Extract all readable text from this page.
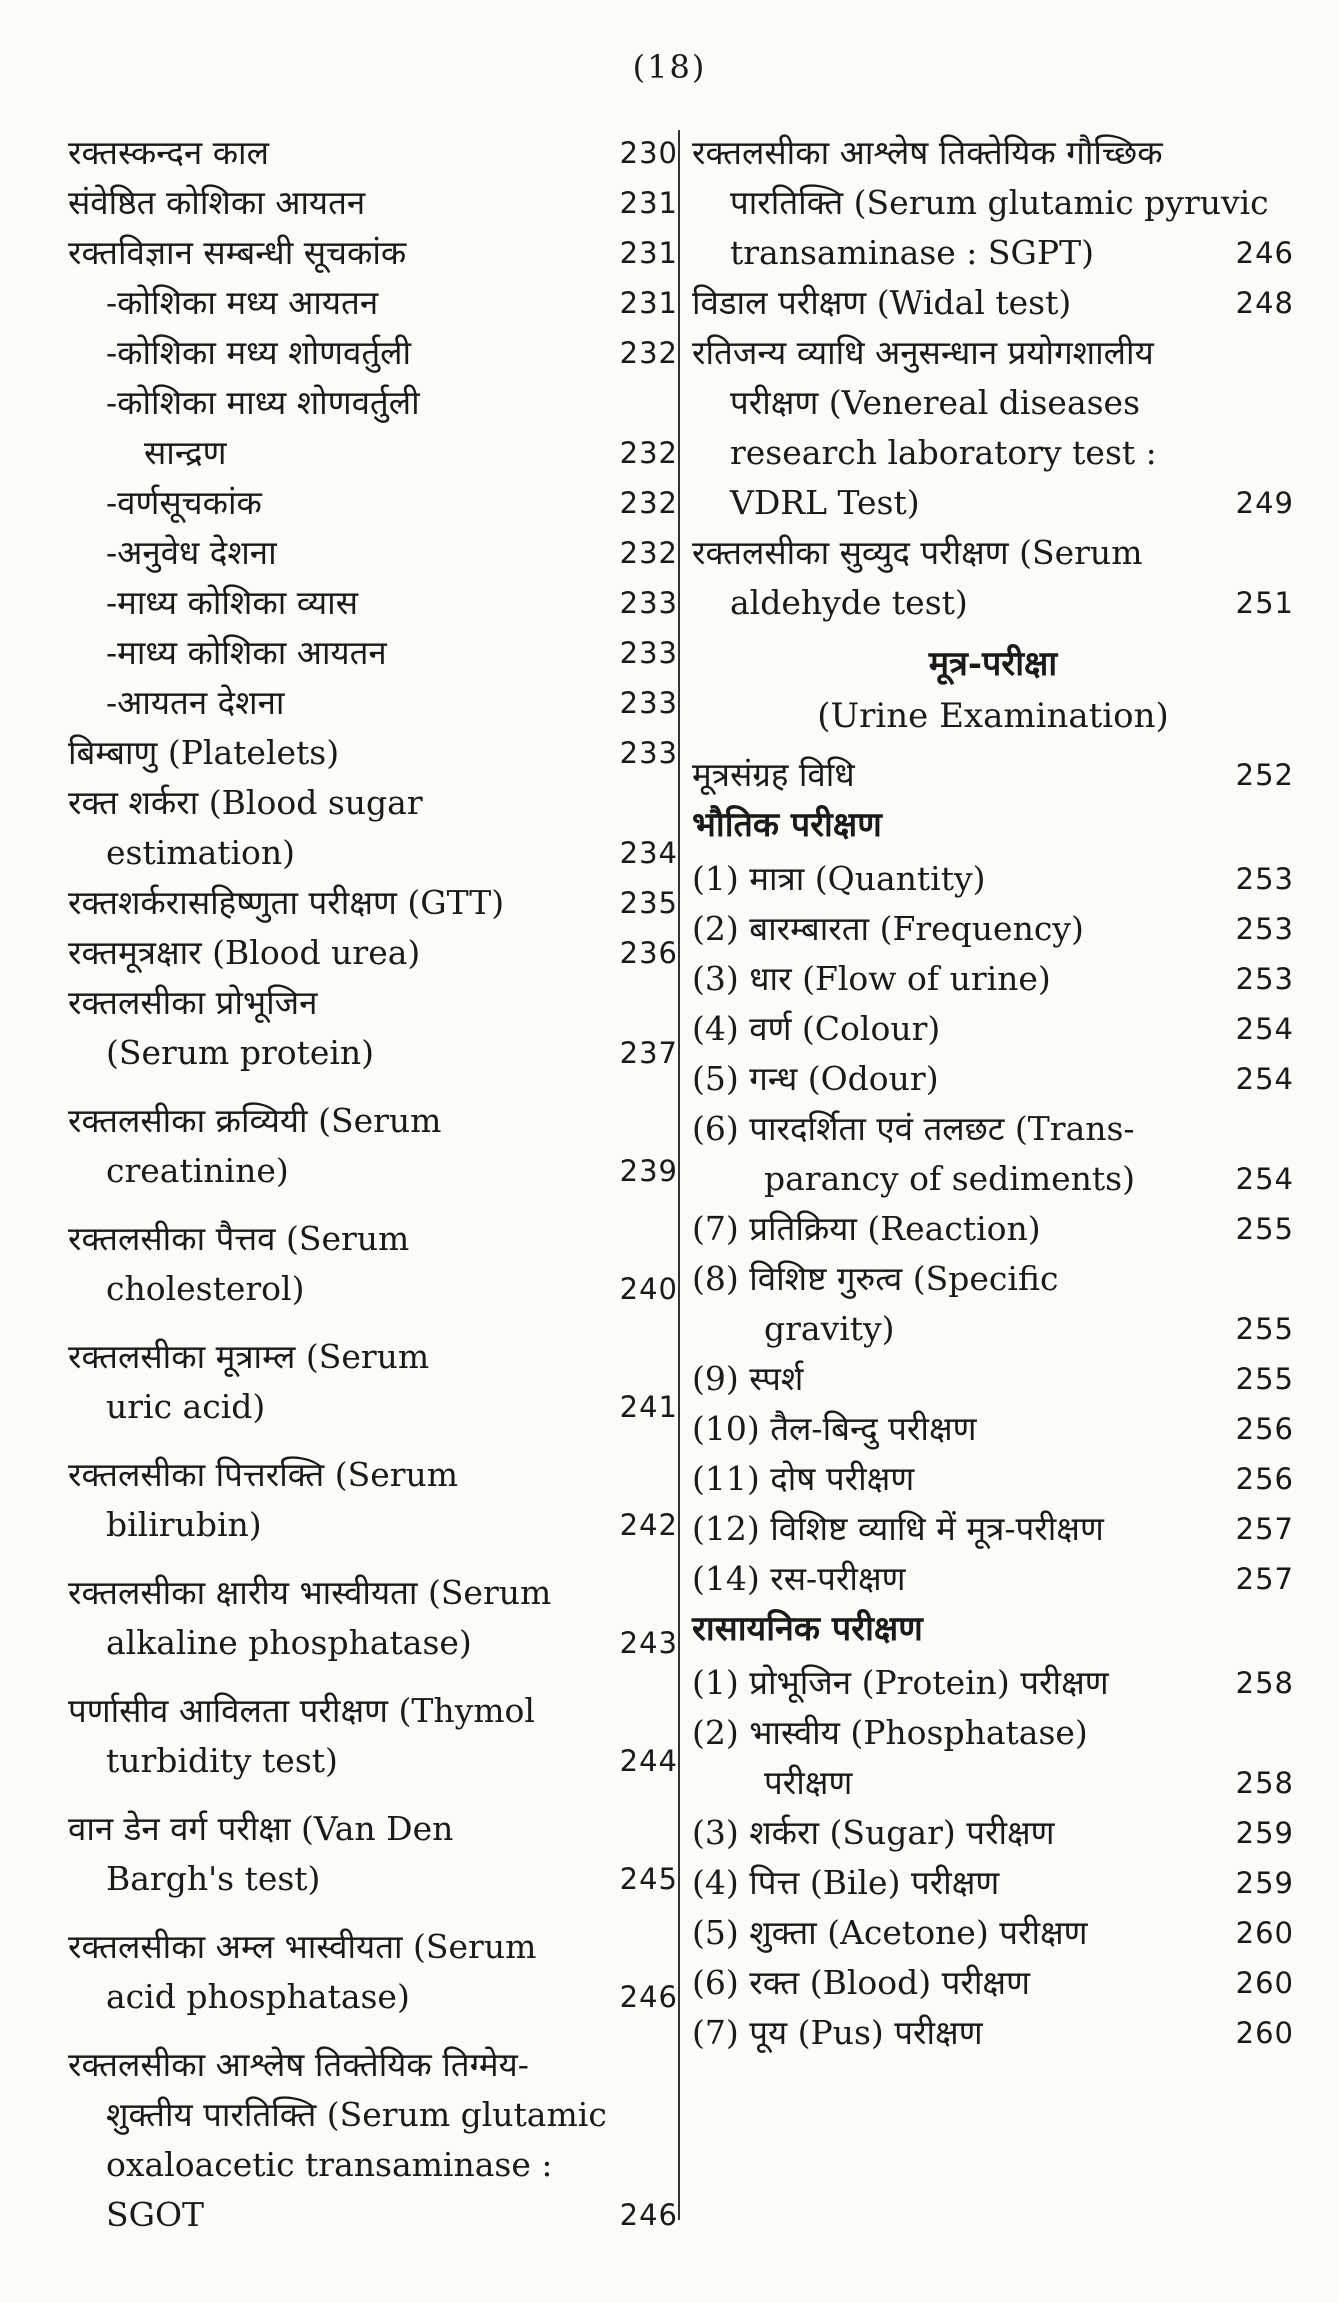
(18)
रक्तस्कन्दन काल	230
संवेष्ठित कोशिका आयतन	231
रक्तविज्ञान सम्बन्धी सूचकांक	231
-कोशिका मध्य आयतन	231
-कोशिका मध्य शोणवर्तुली	232
-कोशिका माध्य शोणवर्तुली
सान्द्रण	232
-वर्णसूचकांक	232
-अनुवेध देशना	232
-माध्य कोशिका व्यास	233
-माध्य कोशिका आयतन	233
-आयतन देशना	233
बिम्बाणु (Platelets)	233
रक्त शर्करा (Blood sugar
estimation)	234
रक्तशर्करासहिष्णुता परीक्षण (GTT)	235
रक्तमूत्रक्षार (Blood urea)	236
रक्तलसीका प्रोभूजिन
(Serum protein)	237
रक्तलसीका क्रव्यियी (Serum
creatinine)	239
रक्तलसीका पैत्तव (Serum
cholesterol)	240
रक्तलसीका मूत्राम्ल (Serum
uric acid)	241
रक्तलसीका पित्तरक्ति (Serum
bilirubin)	242
रक्तलसीका क्षारीय भास्वीयता (Serum
alkaline phosphatase)	243
पर्णासीव आविलता परीक्षण (Thymol
turbidity test)	244
वान डेन वर्ग परीक्षा (Van Den
Bargh's test)	245
रक्तलसीका अम्ल भास्वीयता (Serum
acid phosphatase)	246
रक्तलसीका आश्लेष तिक्तेयिक तिग्मेय-
शुक्तीय पारतिक्ति (Serum glutamic
oxaloacetic transaminase :
SGOT	246
रक्तलसीका आश्लेष तिक्तेयिक गौच्छिक
पारतिक्ति (Serum glutamic pyruvic
transaminase : SGPT)	246
विडाल परीक्षण (Widal test)	248
रतिजन्य व्याधि अनुसन्धान प्रयोगशालीय
परीक्षण (Venereal diseases
research laboratory test :
VDRL Test)	249
रक्तलसीका सुव्युद परीक्षण (Serum
aldehyde test)	251
मूत्र-परीक्षा
(Urine Examination)
मूत्रसंग्रह विधि	252
भौतिक परीक्षण
(1) मात्रा (Quantity)	253
(2) बारम्बारता (Frequency)	253
(3) धार (Flow of urine)	253
(4) वर्ण (Colour)	254
(5) गन्ध (Odour)	254
(6) पारदर्शिता एवं तलछट (Trans-
parancy of sediments)	254
(7) प्रतिक्रिया (Reaction)	255
(8) विशिष्ट गुरुत्व (Specific
gravity)	255
(9) स्पर्श	255
(10) तैल-बिन्दु परीक्षण	256
(11) दोष परीक्षण	256
(12) विशिष्ट व्याधि में मूत्र-परीक्षण	257
(14) रस-परीक्षण	257
रासायनिक परीक्षण
(1) प्रोभूजिन (Protein) परीक्षण	258
(2) भास्वीय (Phosphatase)
परीक्षण	258
(3) शर्करा (Sugar) परीक्षण	259
(4) पित्त (Bile) परीक्षण	259
(5) शुक्ता (Acetone) परीक्षण	260
(6) रक्त (Blood) परीक्षण	260
(7) पूय (Pus) परीक्षण	260
